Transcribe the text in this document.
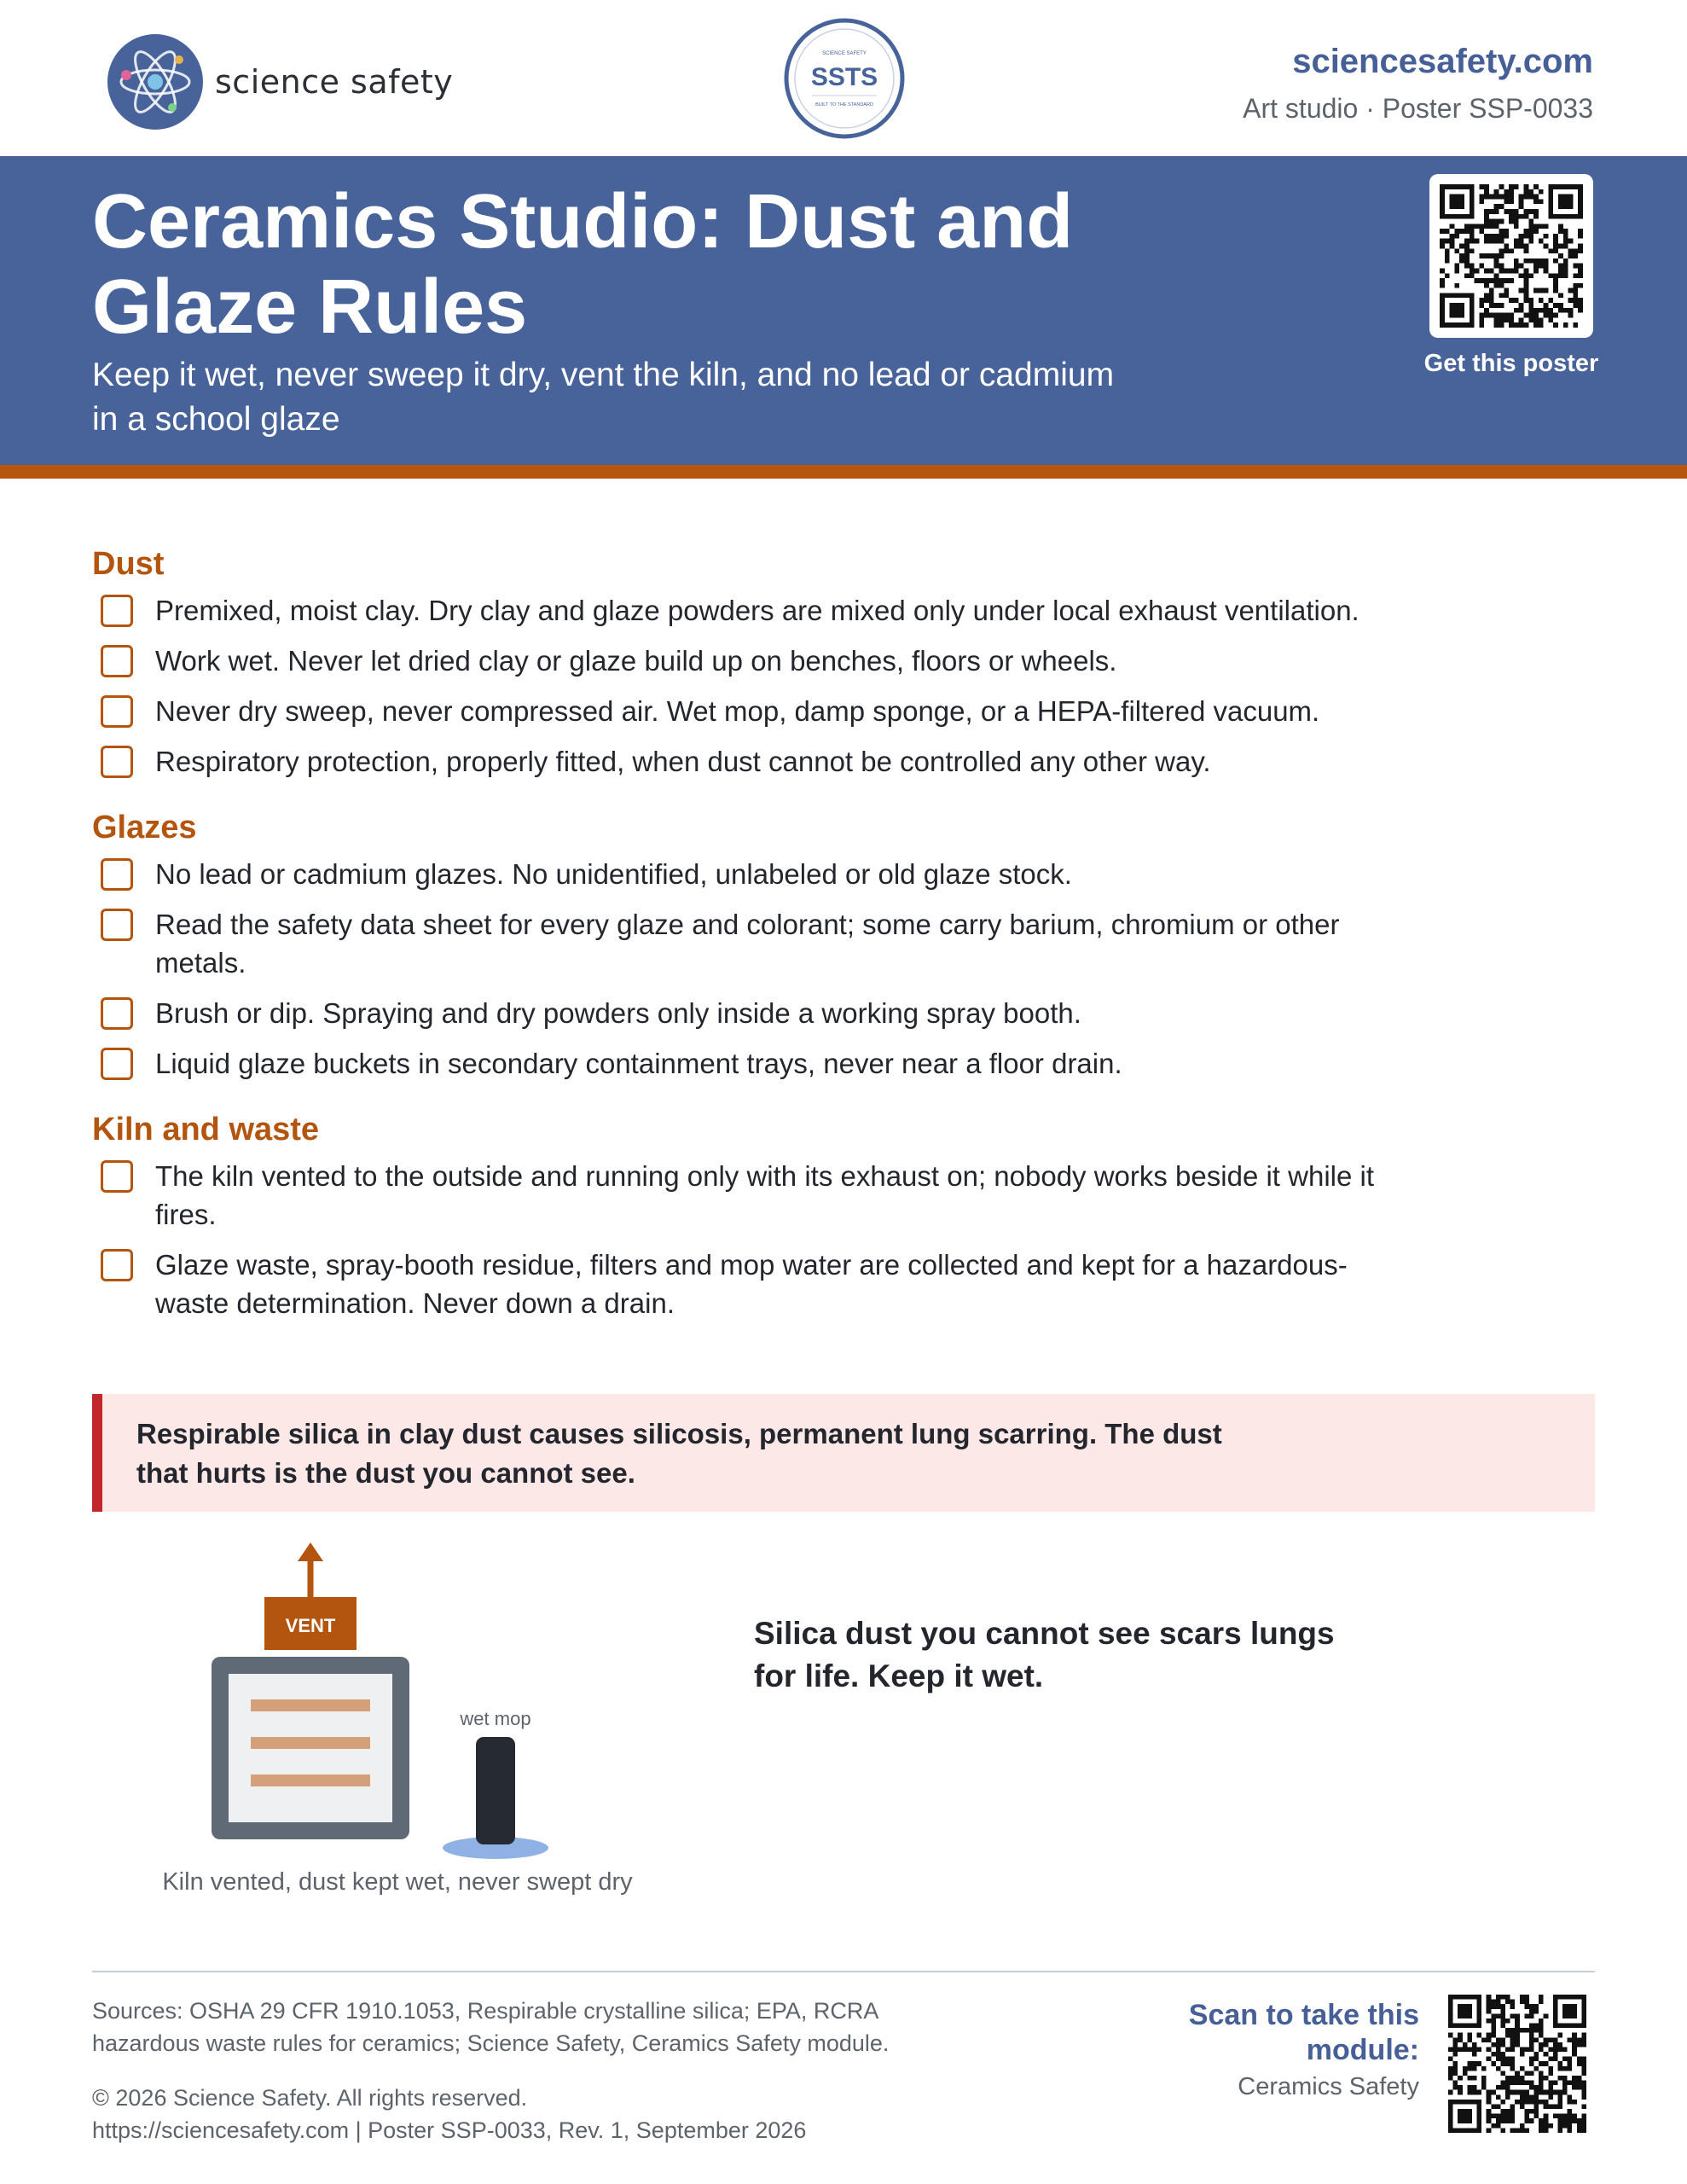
science safety
SCIENCE SAFETY
SSTS
BUILT TO THE STANDARD
sciencesafety.com
Art studio · Poster SSP-0033
Ceramics Studio: Dust and Glaze Rules

Keep it wet, never sweep it dry, vent the kiln, and no lead or cadmium in a school glaze

Get this poster
Dust
Premixed, moist clay. Dry clay and glaze powders are mixed only under local exhaust ventilation.
Work wet. Never let dried clay or glaze build up on benches, floors or wheels.
Never dry sweep, never compressed air. Wet mop, damp sponge, or a HEPA-filtered vacuum.
Respiratory protection, properly fitted, when dust cannot be controlled any other way.
Glazes
No lead or cadmium glazes. No unidentified, unlabeled or old glaze stock.
Read the safety data sheet for every glaze and colorant; some carry barium, chromium or other metals.
Brush or dip. Spraying and dry powders only inside a working spray booth.
Liquid glaze buckets in secondary containment trays, never near a floor drain.
Kiln and waste
The kiln vented to the outside and running only with its exhaust on; nobody works beside it while it fires.
Glaze waste, spray-booth residue, filters and mop water are collected and kept for a hazardous-waste determination. Never down a drain.

Respirable silica in clay dust causes silicosis, permanent lung scarring. The dust that hurts is the dust you cannot see.

VENT
wet mop
Kiln vented, dust kept wet, never swept dry
Silica dust you cannot see scars lungs for life. Keep it wet.
Sources: OSHA 29 CFR 1910.1053, Respirable crystalline silica; EPA, RCRA hazardous waste rules for ceramics; Science Safety, Ceramics Safety module.
© 2026 Science Safety. All rights reserved.
https://sciencesafety.com | Poster SSP-0033, Rev. 1, September 2026
Scan to take this module:
Ceramics Safety
